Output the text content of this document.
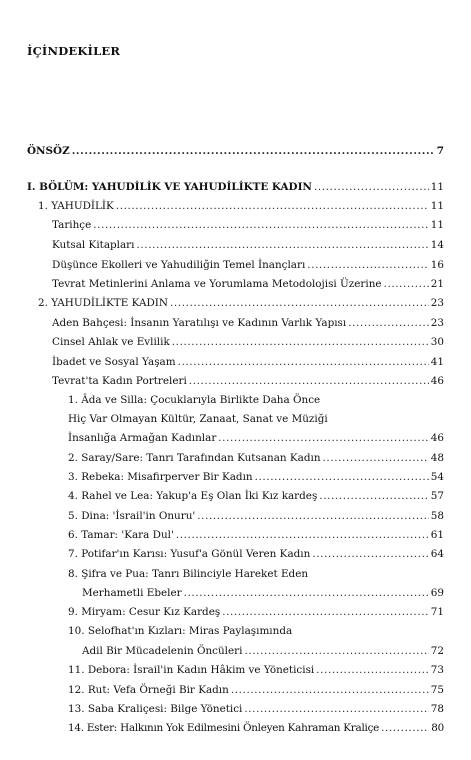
İÇİNDEKİLER
ÖNSÖZ .....	7
I. BÖLÜM: YAHUDİLİK VE YAHUDİLİKTE KADIN .....	11
1. YAHUDİLİK .....	11
Tarihçe .....	11
Kutsal Kitapları .....	14
Düşünce Ekolleri ve Yahudiliğin Temel İnançları .....	16
Tevrat Metinlerini Anlama ve Yorumlama Metodolojisi Üzerine .....	21
2. YAHUDİLİKTE KADIN .....	23
Aden Bahçesi: İnsanın Yaratılışı ve Kadının Varlık Yapısı .....	23
Cinsel Ahlak ve Evlilik .....	30
İbadet ve Sosyal Yaşam .....	41
Tevrat'ta Kadın Portreleri .....	46
1. Âda ve Silla: Çocuklarıyla Birlikte Daha Önce
Hiç Var Olmayan Kültür, Zanaat, Sanat ve Müziği
İnsanlığa Armağan Kadınlar .....	46
2. Saray/Sare: Tanrı Tarafından Kutsanan Kadın .....	48
3. Rebeka: Misafirperver Bir Kadın .....	54
4. Rahel ve Lea: Yakup'a Eş Olan İki Kız kardeş .....	57
5. Dina: 'İsrail'in Onuru' .....	58
6. Tamar: 'Kara Dul' .....	61
7. Potifar'ın Karısı: Yusuf'a Gönül Veren Kadın .....	64
8. Şifra ve Pua: Tanrı Bilinciyle Hareket Eden
Merhametli Ebeler .....	69
9. Miryam: Cesur Kız Kardeş .....	71
10. Selofhat'ın Kızları: Miras Paylaşımında
Adil Bir Mücadelenin Öncüleri .....	72
11. Debora: İsrail'in Kadın Hâkim ve Yöneticisi .....	73
12. Rut: Vefa Örneği Bir Kadın .....	75
13. Saba Kraliçesi: Bilge Yönetici .....	78
14. Ester: Halkının Yok Edilmesini Önleyen Kahraman Kraliçe .....	80
